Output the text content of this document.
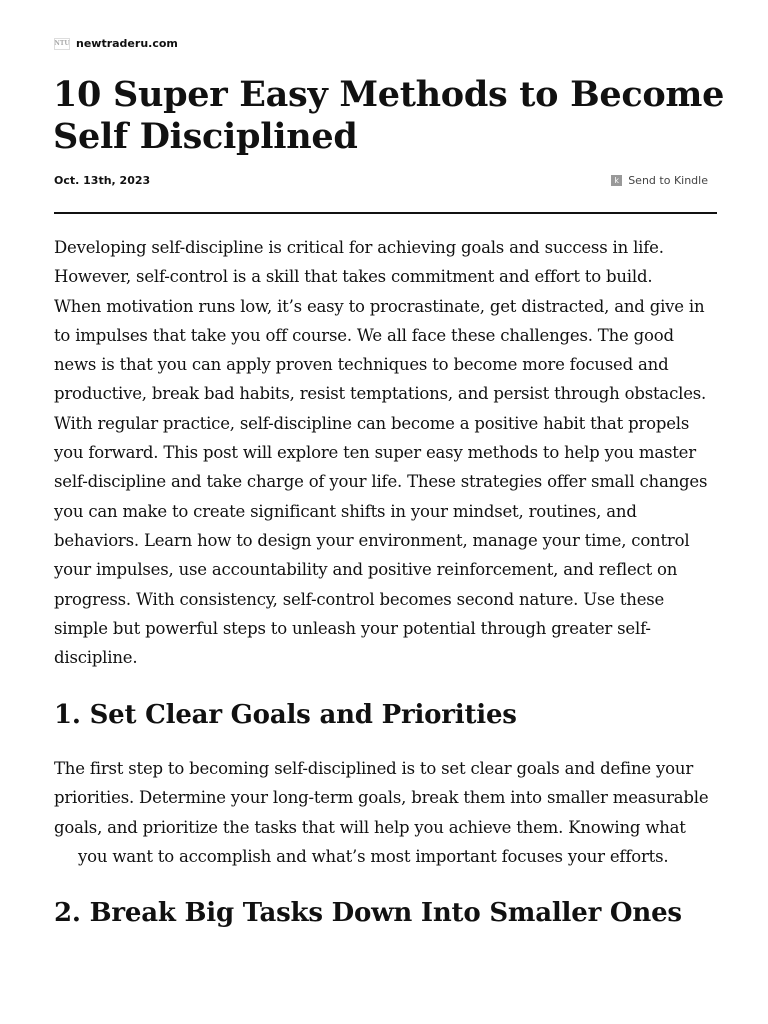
NTU newtraderu.com
10 Super Easy Methods to Become Self Disciplined
Oct. 13th, 2023	k Send to Kindle
Developing self-discipline is critical for achieving goals and success in life.
However, self-control is a skill that takes commitment and effort to build.
When motivation runs low, it’s easy to procrastinate, get distracted, and give in
to impulses that take you off course. We all face these challenges. The good
news is that you can apply proven techniques to become more focused and
productive, break bad habits, resist temptations, and persist through obstacles.
With regular practice, self-discipline can become a positive habit that propels
you forward. This post will explore ten super easy methods to help you master
self-discipline and take charge of your life. These strategies offer small changes
you can make to create significant shifts in your mindset, routines, and
behaviors. Learn how to design your environment, manage your time, control
your impulses, use accountability and positive reinforcement, and reflect on
progress. With consistency, self-control becomes second nature. Use these
simple but powerful steps to unleash your potential through greater self-
discipline.
1. Set Clear Goals and Priorities
The first step to becoming self-disciplined is to set clear goals and define your
priorities. Determine your long-term goals, break them into smaller measurable
goals, and prioritize the tasks that will help you achieve them. Knowing what
you want to accomplish and what’s most important focuses your efforts.
2. Break Big Tasks Down Into Smaller Ones
